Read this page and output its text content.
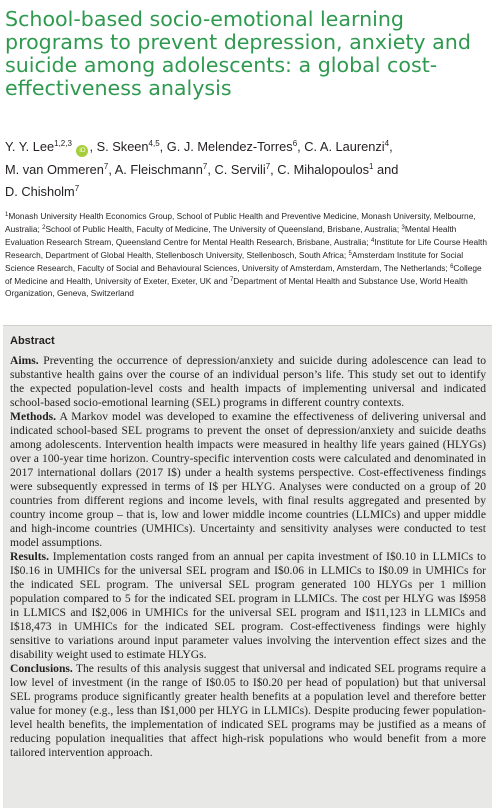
School-based socio-emotional learning programs to prevent depression, anxiety and suicide among adolescents: a global cost-effectiveness analysis

Y. Y. Lee$^{1,2,3}$ iD , S. Skeen$^{4,5}$, G. J. Melendez-Torres$^6$, C. A. Laurenzi$^4$,
M. van Ommeren$^7$, A. Fleischmann$^7$, C. Servili$^7$, C. Mihalopoulos$^1$ and
D. Chisholm$^7$

$^1$Monash University Health Economics Group, School of Public Health and Preventive Medicine, Monash University, Melbourne, Australia; $^2$School of Public Health, Faculty of Medicine, The University of Queensland, Brisbane, Australia; $^3$Mental Health Evaluation Research Stream, Queensland Centre for Mental Health Research, Brisbane, Australia; $^4$Institute for Life Course Health Research, Department of Global Health, Stellenbosch University, Stellenbosch, South Africa; $^5$Amsterdam Institute for Social Science Research, Faculty of Social and Behavioural Sciences, University of Amsterdam, Amsterdam, The Netherlands; $^6$College of Medicine and Health, University of Exeter, Exeter, UK and $^7$Department of Mental Health and Substance Use, World Health Organization, Geneva, Switzerland

Abstract

Aims. Preventing the occurrence of depression/anxiety and suicide during adolescence can lead to substantive health gains over the course of an individual person’s life. This study set out to identify the expected population-level costs and health impacts of implementing universal and indicated school-based socio-emotional learning (SEL) programs in different country contexts.

Methods. A Markov model was developed to examine the effectiveness of delivering universal and indicated school-based SEL programs to prevent the onset of depression/anxiety and suicide deaths among adolescents. Intervention health impacts were measured in healthy life years gained (HLYGs) over a 100-year time horizon. Country-specific intervention costs were calculated and denominated in 2017 international dollars (2017 I$) under a health systems perspective. Cost-effectiveness findings were subsequently expressed in terms of I$ per HLYG. Analyses were conducted on a group of 20 countries from different regions and income levels, with final results aggregated and presented by country income group – that is, low and lower middle income countries (LLMICs) and upper middle and high-income countries (UMHICs). Uncertainty and sensitivity analyses were conducted to test model assumptions.

Results. Implementation costs ranged from an annual per capita investment of I$0.10 in LLMICs to I$0.16 in UMHICs for the universal SEL program and I$0.06 in LLMICs to I$0.09 in UMHICs for the indicated SEL program. The universal SEL program generated 100 HLYGs per 1 million population compared to 5 for the indicated SEL program in LLMICs. The cost per HLYG was I$958 in LLMICS and I$2,006 in UMHICs for the universal SEL program and I$11,123 in LLMICs and I$18,473 in UMHICs for the indicated SEL program. Cost-effectiveness findings were highly sensitive to variations around input parameter values involving the intervention effect sizes and the disability weight used to estimate HLYGs.

Conclusions. The results of this analysis suggest that universal and indicated SEL programs require a low level of investment (in the range of I$0.05 to I$0.20 per head of population) but that universal SEL programs produce significantly greater health benefits at a population level and therefore better value for money (e.g., less than I$1,000 per HLYG in LLMICs). Despite producing fewer population-level health benefits, the implementation of indicated SEL programs may be justified as a means of reducing population inequalities that affect high-risk populations who would benefit from a more tailored intervention approach.
